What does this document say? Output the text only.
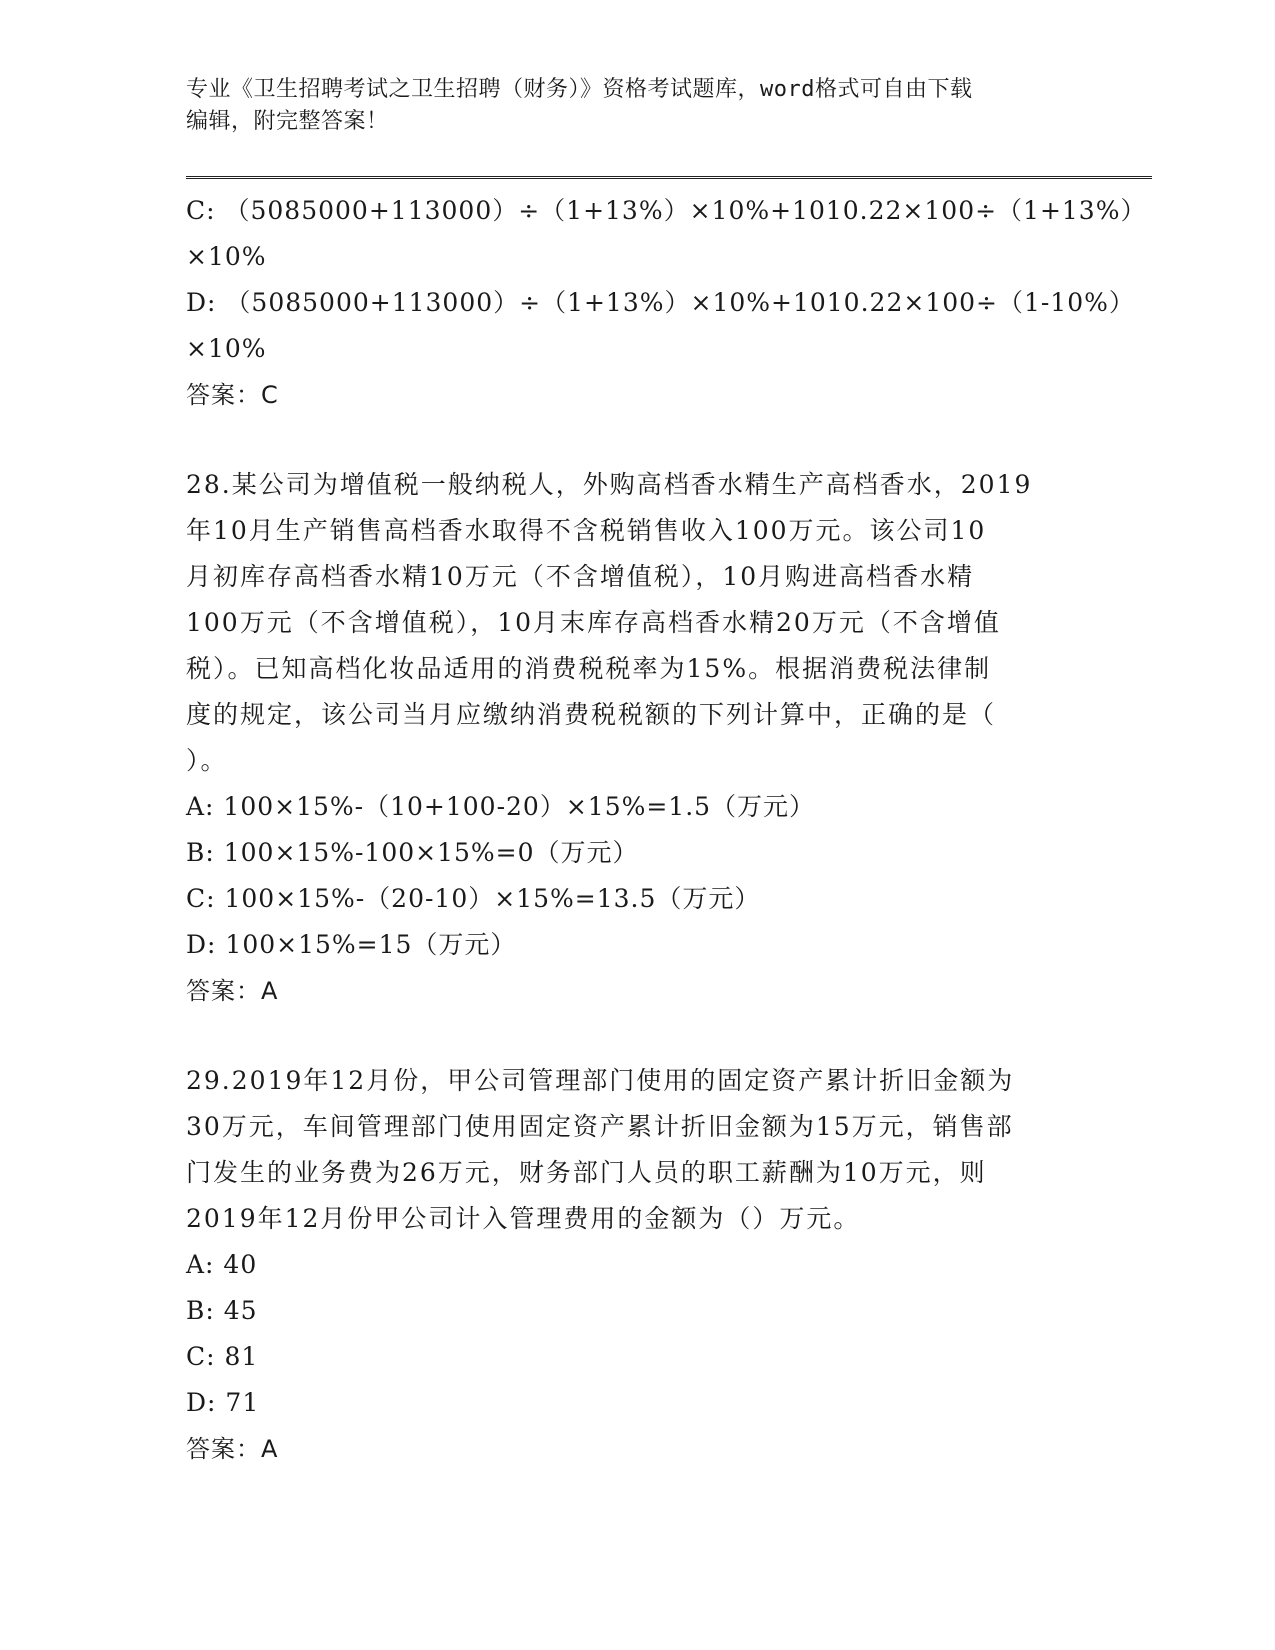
专业《卫生招聘考试之卫生招聘（财务）》资格考试题库，word格式可自由下载
编辑，附完整答案！
C: （5085000+113000）÷（1+13%）×10%+1010.22×100÷（1+13%）
×10%
D: （5085000+113000）÷（1+13%）×10%+1010.22×100÷（1-10%）
×10%
答案：C
28.某公司为增值税一般纳税人，外购高档香水精生产高档香水，2019
年10月生产销售高档香水取得不含税销售收入100万元。该公司10
月初库存高档香水精10万元（不含增值税），10月购进高档香水精
100万元（不含增值税），10月末库存高档香水精20万元（不含增值
税）。已知高档化妆品适用的消费税税率为15%。根据消费税法律制
度的规定，该公司当月应缴纳消费税税额的下列计算中，正确的是（
）。
A: 100×15%-（10+100-20）×15%=1.5（万元）
B: 100×15%-100×15%=0（万元）
C: 100×15%-（20-10）×15%=13.5（万元）
D: 100×15%=15（万元）
答案：A
29.2019年12月份，甲公司管理部门使用的固定资产累计折旧金额为
30万元，车间管理部门使用固定资产累计折旧金额为15万元，销售部
门发生的业务费为26万元，财务部门人员的职工薪酬为10万元，则
2019年12月份甲公司计入管理费用的金额为（）万元。
A: 40
B: 45
C: 81
D: 71
答案：A
